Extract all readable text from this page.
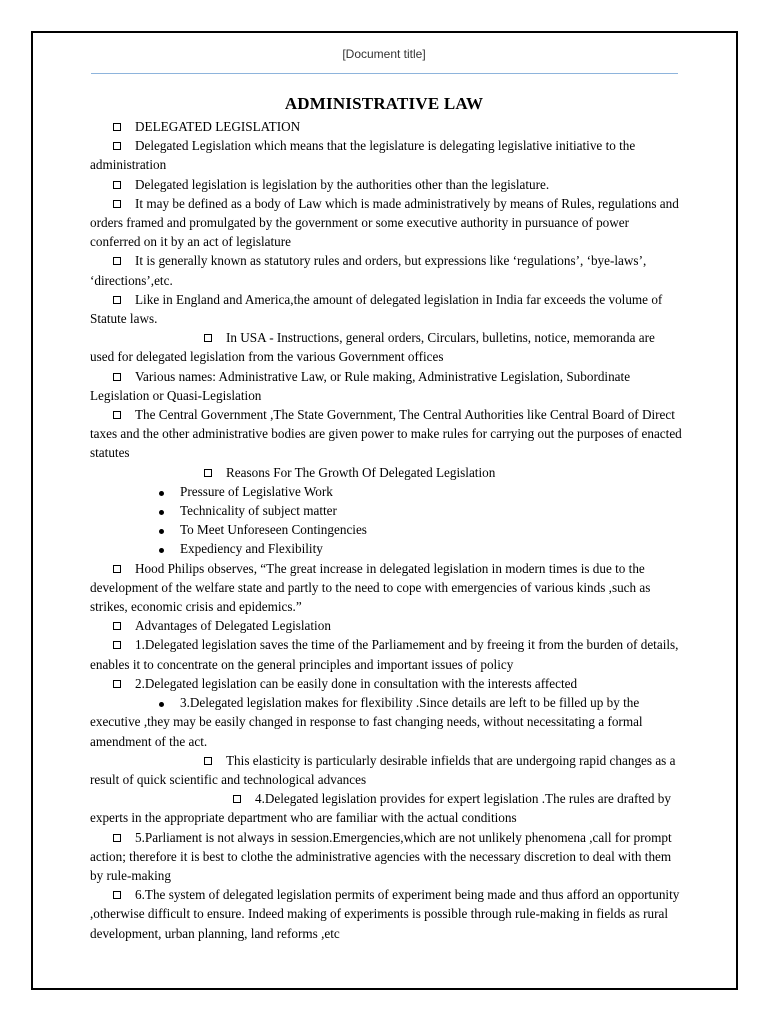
[Document title]
ADMINISTRATIVE LAW

DELEGATED LEGISLATION

Delegated Legislation which means that the legislature is delegating legislative initiative to the administration

Delegated legislation is legislation by the authorities other than the legislature.

It may be defined as a body of Law which is made administratively by means of Rules, regulations and orders framed and promulgated by the government or some executive authority in pursuance of power conferred on it by an act of legislature

It is generally known as statutory rules and orders, but expressions like ‘regulations’, ‘bye-laws’, ‘directions’,etc.

Like in England and America,the amount of delegated legislation in India far exceeds the volume of Statute laws.

In USA - Instructions, general orders, Circulars, bulletins, notice, memoranda are used for delegated legislation from the various Government offices

Various names: Administrative Law, or Rule making, Administrative Legislation, Subordinate Legislation or Quasi-Legislation

The Central Government ,The State Government, The Central Authorities like Central Board of Direct taxes and the other administrative bodies are given power to make rules for carrying out the purposes of enacted statutes

Reasons For The Growth Of Delegated Legislation

Pressure of Legislative Work

Technicality of subject matter

To Meet Unforeseen Contingencies

Expediency and Flexibility

Hood Philips observes, “The great increase in delegated legislation in modern times is due to the development of the welfare state and partly to the need to cope with emergencies of various kinds ,such as strikes, economic crisis and epidemics.”

Advantages of Delegated Legislation

1.Delegated legislation saves the time of the Parliamement and by freeing it from the burden of details, enables it to concentrate on the general principles and important issues of policy

2.Delegated legislation can be easily done in consultation with the interests affected

3.Delegated legislation makes for flexibility .Since details are left to be filled up by the executive ,they may be easily changed in response to fast changing needs, without necessitating a formal amendment of the act.

This elasticity is particularly desirable infields that are undergoing rapid changes as a result of quick scientific and technological advances

4.Delegated legislation provides for expert legislation .The rules are drafted by experts in the appropriate department who are familiar with the actual conditions

5.Parliament is not always in session.Emergencies,which are not unlikely phenomena ,call for prompt action; therefore it is best to clothe the administrative agencies with the necessary discretion to deal with them by rule-making

6.The system of delegated legislation permits of experiment being made and thus afford an opportunity ,otherwise difficult to ensure. Indeed making of experiments is possible through rule-making in fields as rural development, urban planning, land reforms ,etc
